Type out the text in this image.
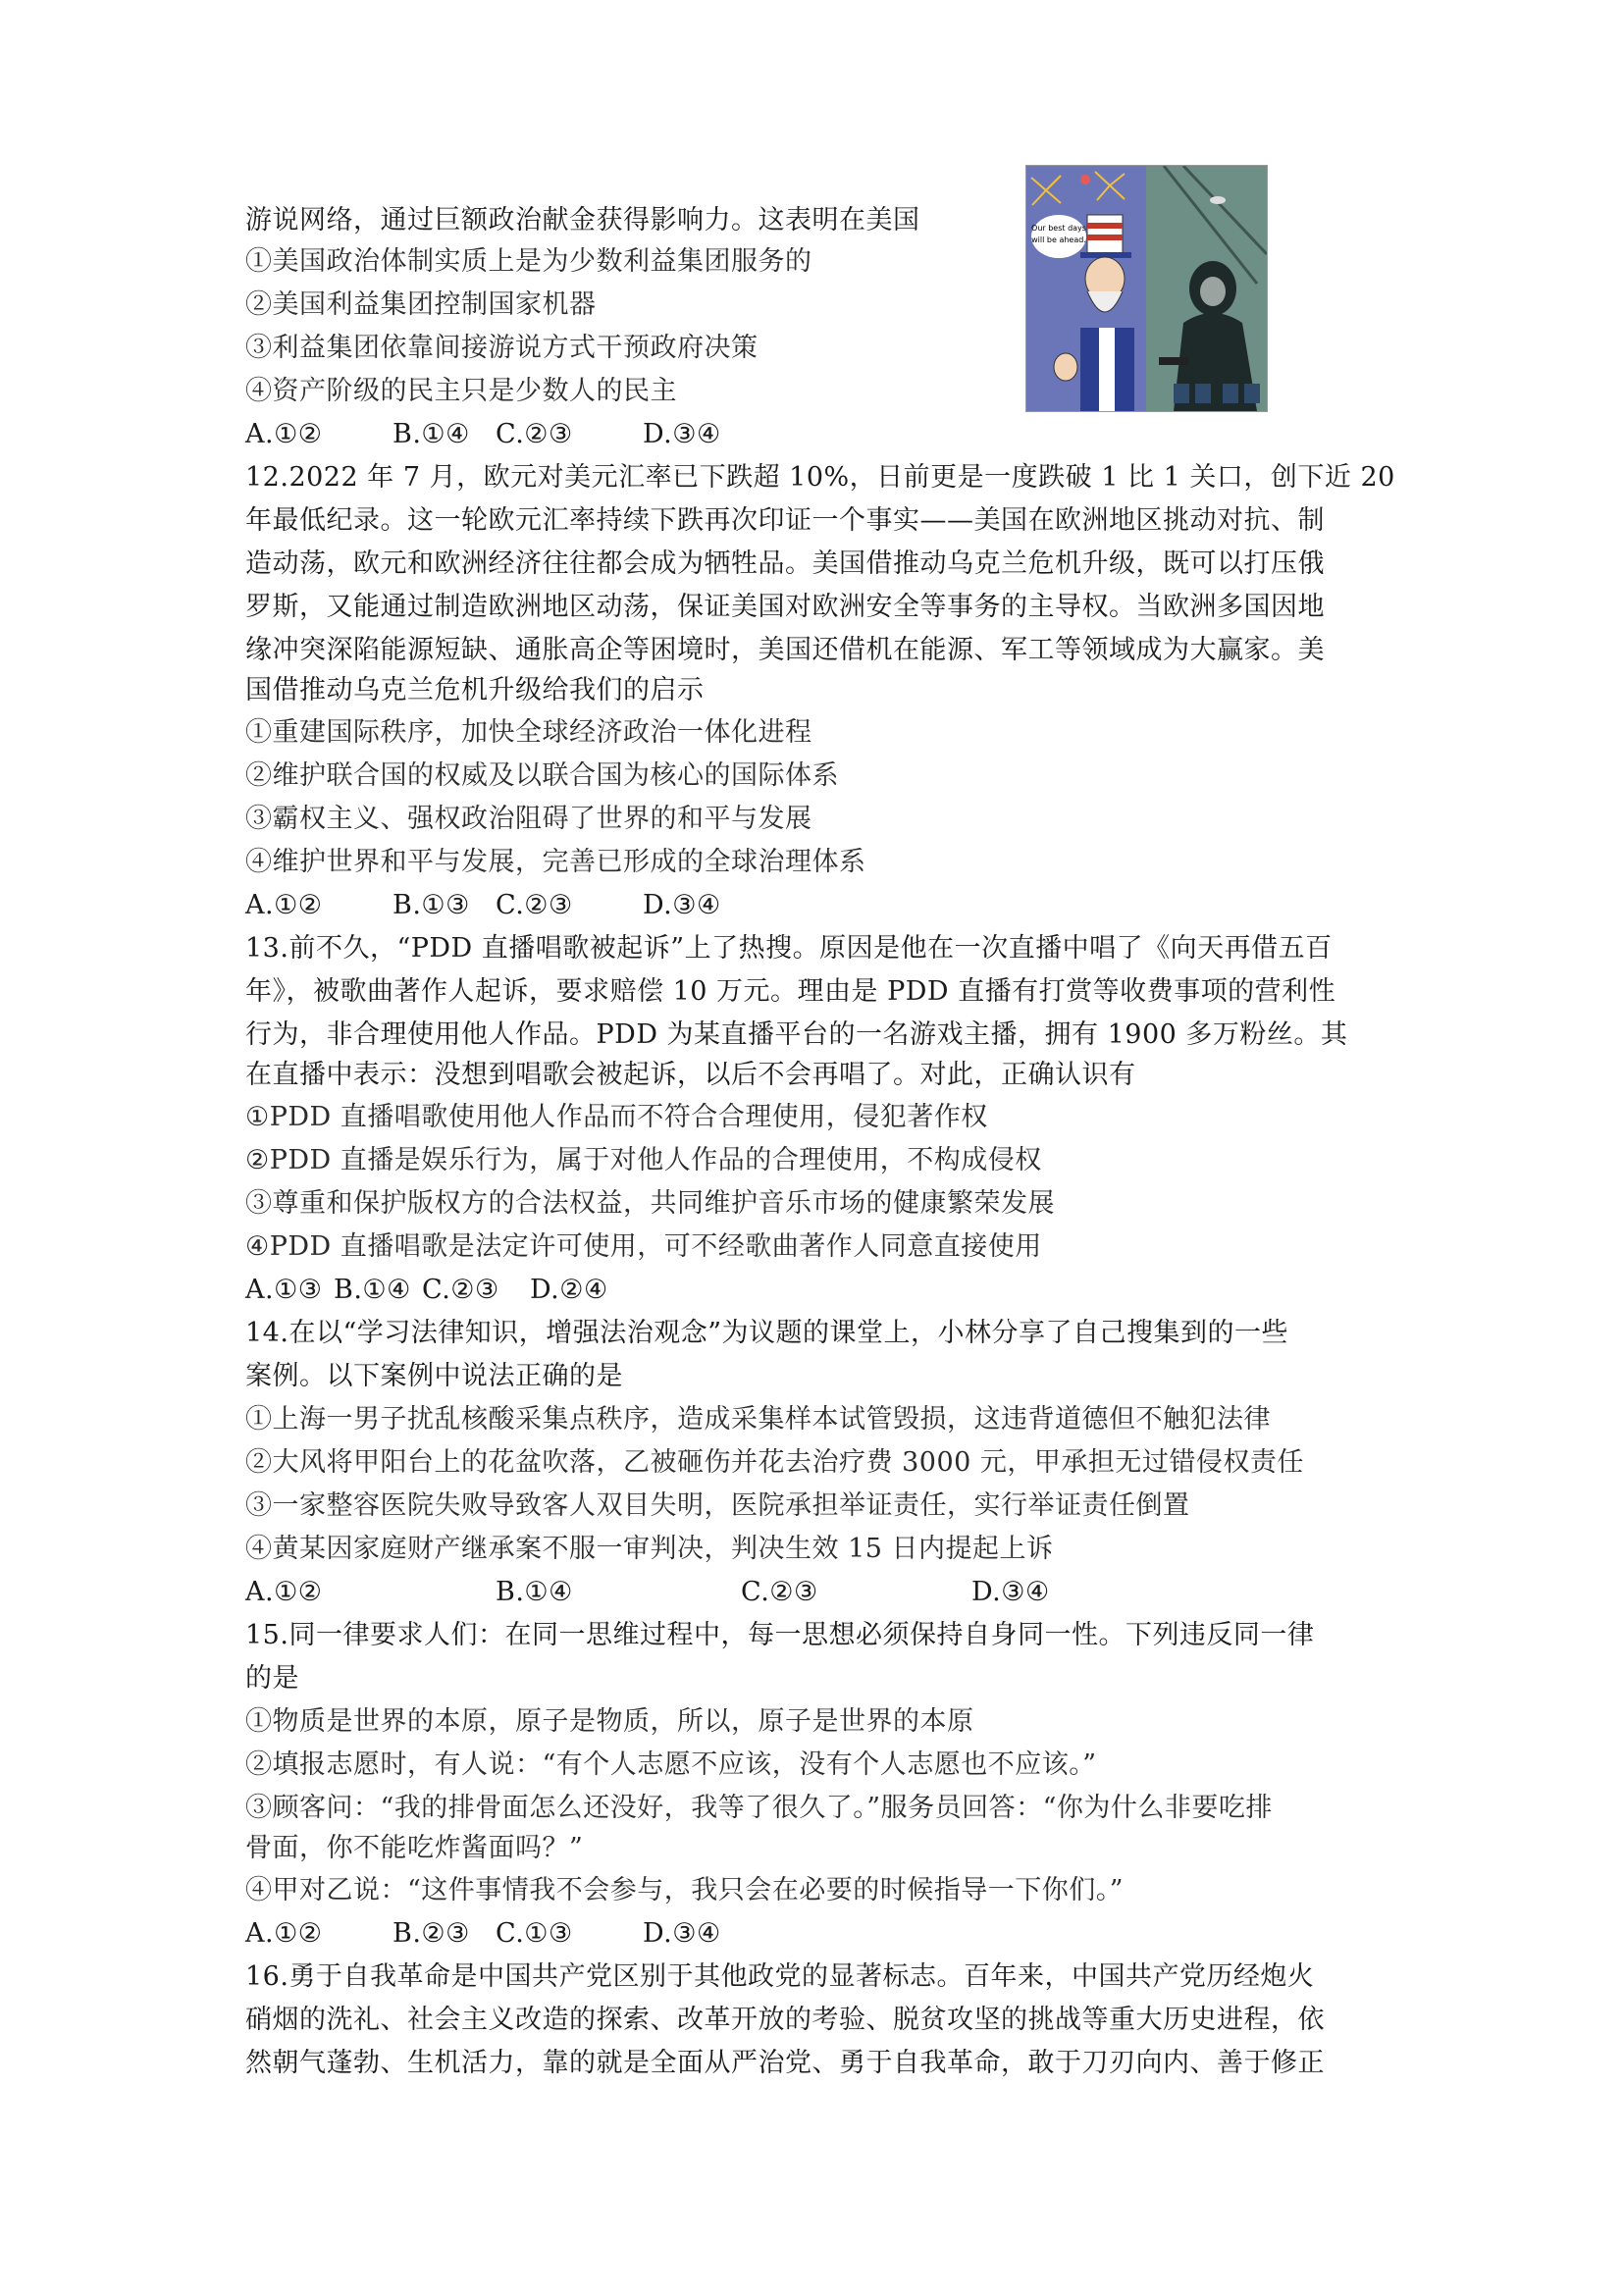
Our best days
will be ahead.
游说网络，通过巨额政治献金获得影响力。这表明在美国
①美国政治体制实质上是为少数利益集团服务的
②美国利益集团控制国家机器
③利益集团依靠间接游说方式干预政府决策
④资产阶级的民主只是少数人的民主
A.①②	B.①④ C.②③	D.③④
12.2022 年 7 月，欧元对美元汇率已下跌超 10%，日前更是一度跌破 1 比 1 关口，创下近 20
年最低纪录。这一轮欧元汇率持续下跌再次印证一个事实——美国在欧洲地区挑动对抗、制
造动荡，欧元和欧洲经济往往都会成为牺牲品。美国借推动乌克兰危机升级，既可以打压俄
罗斯，又能通过制造欧洲地区动荡，保证美国对欧洲安全等事务的主导权。当欧洲多国因地
缘冲突深陷能源短缺、通胀高企等困境时，美国还借机在能源、军工等领域成为大赢家。美
国借推动乌克兰危机升级给我们的启示
①重建国际秩序，加快全球经济政治一体化进程
②维护联合国的权威及以联合国为核心的国际体系
③霸权主义、强权政治阻碍了世界的和平与发展
④维护世界和平与发展，完善已形成的全球治理体系
A.①②	B.①③ C.②③	D.③④
13.前不久，“PDD 直播唱歌被起诉”上了热搜。原因是他在一次直播中唱了《向天再借五百
年》，被歌曲著作人起诉，要求赔偿 10 万元。理由是 PDD 直播有打赏等收费事项的营利性
行为，非合理使用他人作品。PDD 为某直播平台的一名游戏主播，拥有 1900 多万粉丝。其
在直播中表示：没想到唱歌会被起诉，以后不会再唱了。对此，正确认识有
①PDD 直播唱歌使用他人作品而不符合合理使用，侵犯著作权
②PDD 直播是娱乐行为，属于对他人作品的合理使用，不构成侵权
③尊重和保护版权方的合法权益，共同维护音乐市场的健康繁荣发展
④PDD 直播唱歌是法定许可使用，可不经歌曲著作人同意直接使用
A.①③ B.①④ C.②③ D.②④
14.在以“学习法律知识，增强法治观念”为议题的课堂上，小林分享了自己搜集到的一些
案例。以下案例中说法正确的是
①上海一男子扰乱核酸采集点秩序，造成采集样本试管毁损，这违背道德但不触犯法律
②大风将甲阳台上的花盆吹落，乙被砸伤并花去治疗费 3000 元，甲承担无过错侵权责任
③一家整容医院失败导致客人双目失明，医院承担举证责任，实行举证责任倒置
④黄某因家庭财产继承案不服一审判决，判决生效 15 日内提起上诉
A.①②	B.①④	C.②③	D.③④
15.同一律要求人们：在同一思维过程中，每一思想必须保持自身同一性。下列违反同一律
的是
①物质是世界的本原，原子是物质，所以，原子是世界的本原
②填报志愿时，有人说：“有个人志愿不应该，没有个人志愿也不应该。”
③顾客问：“我的排骨面怎么还没好，我等了很久了。”服务员回答：“你为什么非要吃排
骨面，你不能吃炸酱面吗？”
④甲对乙说：“这件事情我不会参与，我只会在必要的时候指导一下你们。”
A.①②	B.②③ C.①③	D.③④
16.勇于自我革命是中国共产党区别于其他政党的显著标志。百年来，中国共产党历经炮火
硝烟的洗礼、社会主义改造的探索、改革开放的考验、脱贫攻坚的挑战等重大历史进程，依
然朝气蓬勃、生机活力，靠的就是全面从严治党、勇于自我革命，敢于刀刃向内、善于修正
